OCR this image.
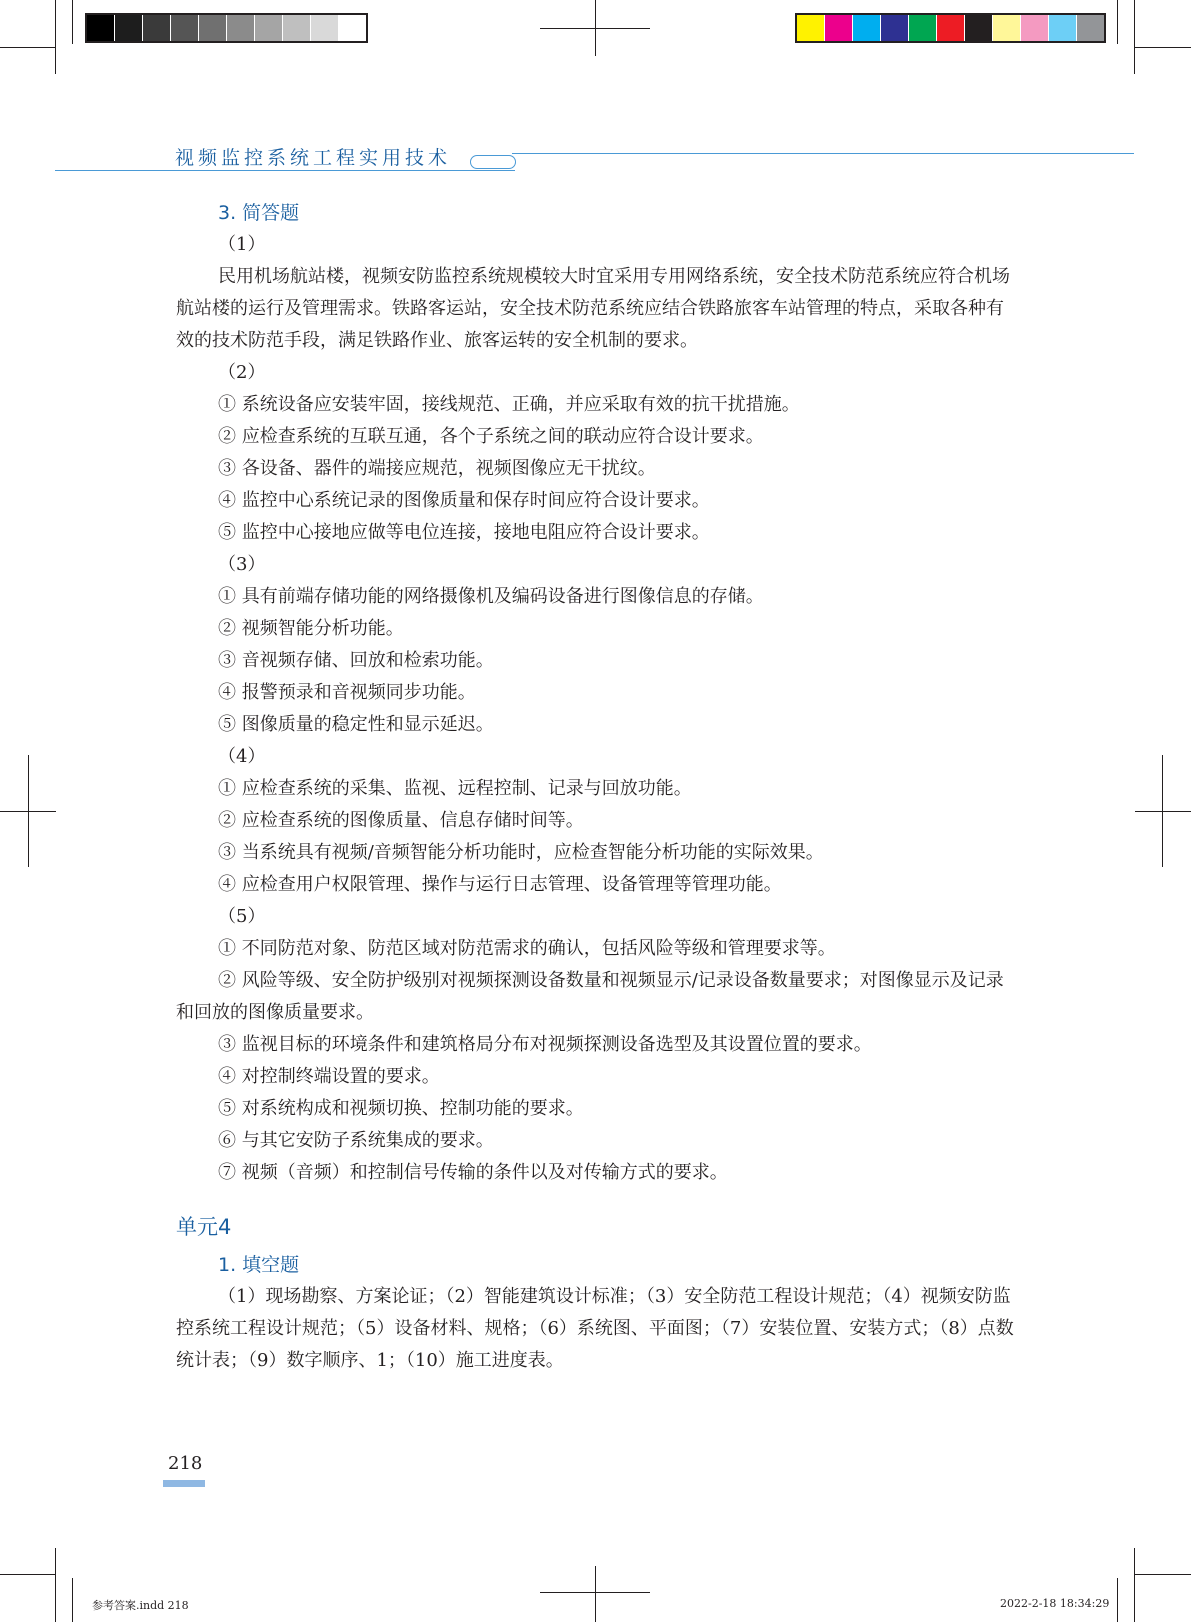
视频监控系统工程实用技术

3. 简答题

（1）

民用机场航站楼，视频安防监控系统规模较大时宜采用专用网络系统，安全技术防范系统应符合机场航站楼的运行及管理需求。铁路客运站，安全技术防范系统应结合铁路旅客车站管理的特点，采取各种有效的技术防范手段，满足铁路作业、旅客运转的安全机制的要求。

（2）

① 系统设备应安装牢固，接线规范、正确，并应采取有效的抗干扰措施。

② 应检查系统的互联互通，各个子系统之间的联动应符合设计要求。

③ 各设备、器件的端接应规范，视频图像应无干扰纹。

④ 监控中心系统记录的图像质量和保存时间应符合设计要求。

⑤ 监控中心接地应做等电位连接，接地电阻应符合设计要求。

（3）

① 具有前端存储功能的网络摄像机及编码设备进行图像信息的存储。

② 视频智能分析功能。

③ 音视频存储、回放和检索功能。

④ 报警预录和音视频同步功能。

⑤ 图像质量的稳定性和显示延迟。

（4）

① 应检查系统的采集、监视、远程控制、记录与回放功能。

② 应检查系统的图像质量、信息存储时间等。

③ 当系统具有视频/音频智能分析功能时，应检查智能分析功能的实际效果。

④ 应检查用户权限管理、操作与运行日志管理、设备管理等管理功能。

（5）

① 不同防范对象、防范区域对防范需求的确认，包括风险等级和管理要求等。

② 风险等级、安全防护级别对视频探测设备数量和视频显示/记录设备数量要求；对图像显示及记录和回放的图像质量要求。

③ 监视目标的环境条件和建筑格局分布对视频探测设备选型及其设置位置的要求。

④ 对控制终端设置的要求。

⑤ 对系统构成和视频切换、控制功能的要求。

⑥ 与其它安防子系统集成的要求。

⑦ 视频（音频）和控制信号传输的条件以及对传输方式的要求。

单元4

1. 填空题

（1）现场勘察、方案论证；（2）智能建筑设计标准；（3）安全防范工程设计规范；（4）视频安防监控系统工程设计规范；（5）设备材料、规格；（6）系统图、平面图；（7）安装位置、安装方式；（8）点数统计表；（9）数字顺序、1；（10）施工进度表。

218
参考答案.indd 218	2022-2-18 18:34:29
